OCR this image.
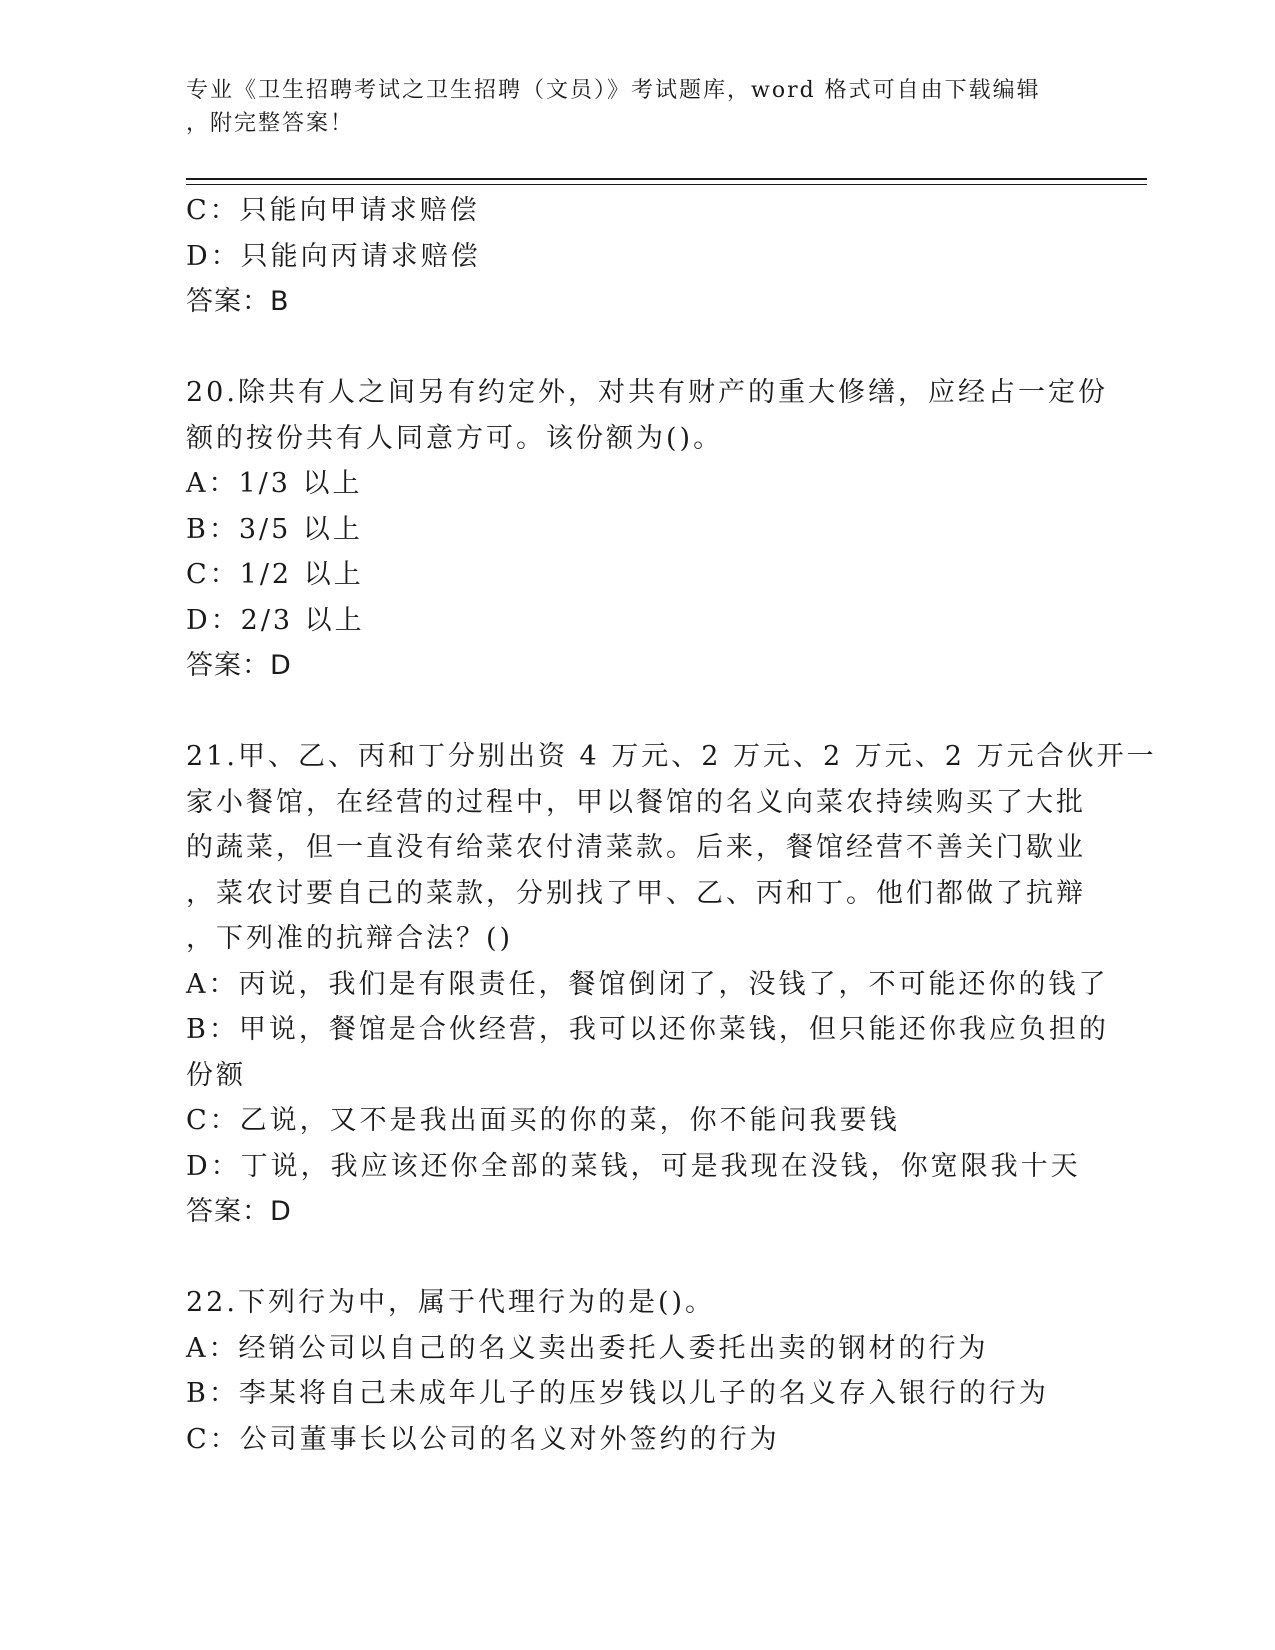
专业《卫生招聘考试之卫生招聘（文员）》考试题库，word 格式可自由下载编辑
，附完整答案！
C：只能向甲请求赔偿
D：只能向丙请求赔偿
答案：B
20.除共有人之间另有约定外，对共有财产的重大修缮，应经占一定份
额的按份共有人同意方可。该份额为()。
A：1/3 以上
B：3/5 以上
C：1/2 以上
D：2/3 以上
答案：D
21.甲、乙、丙和丁分别出资 4 万元、2 万元、2 万元、2 万元合伙开一
家小餐馆，在经营的过程中，甲以餐馆的名义向菜农持续购买了大批
的蔬菜，但一直没有给菜农付清菜款。后来，餐馆经营不善关门歇业
，菜农讨要自己的菜款，分别找了甲、乙、丙和丁。他们都做了抗辩
，下列准的抗辩合法？()
A：丙说，我们是有限责任，餐馆倒闭了，没钱了，不可能还你的钱了
B：甲说，餐馆是合伙经营，我可以还你菜钱，但只能还你我应负担的
份额
C：乙说，又不是我出面买的你的菜，你不能问我要钱
D：丁说，我应该还你全部的菜钱，可是我现在没钱，你宽限我十天
答案：D
22.下列行为中，属于代理行为的是()。
A：经销公司以自己的名义卖出委托人委托出卖的钢材的行为
B：李某将自己未成年儿子的压岁钱以儿子的名义存入银行的行为
C：公司董事长以公司的名义对外签约的行为
